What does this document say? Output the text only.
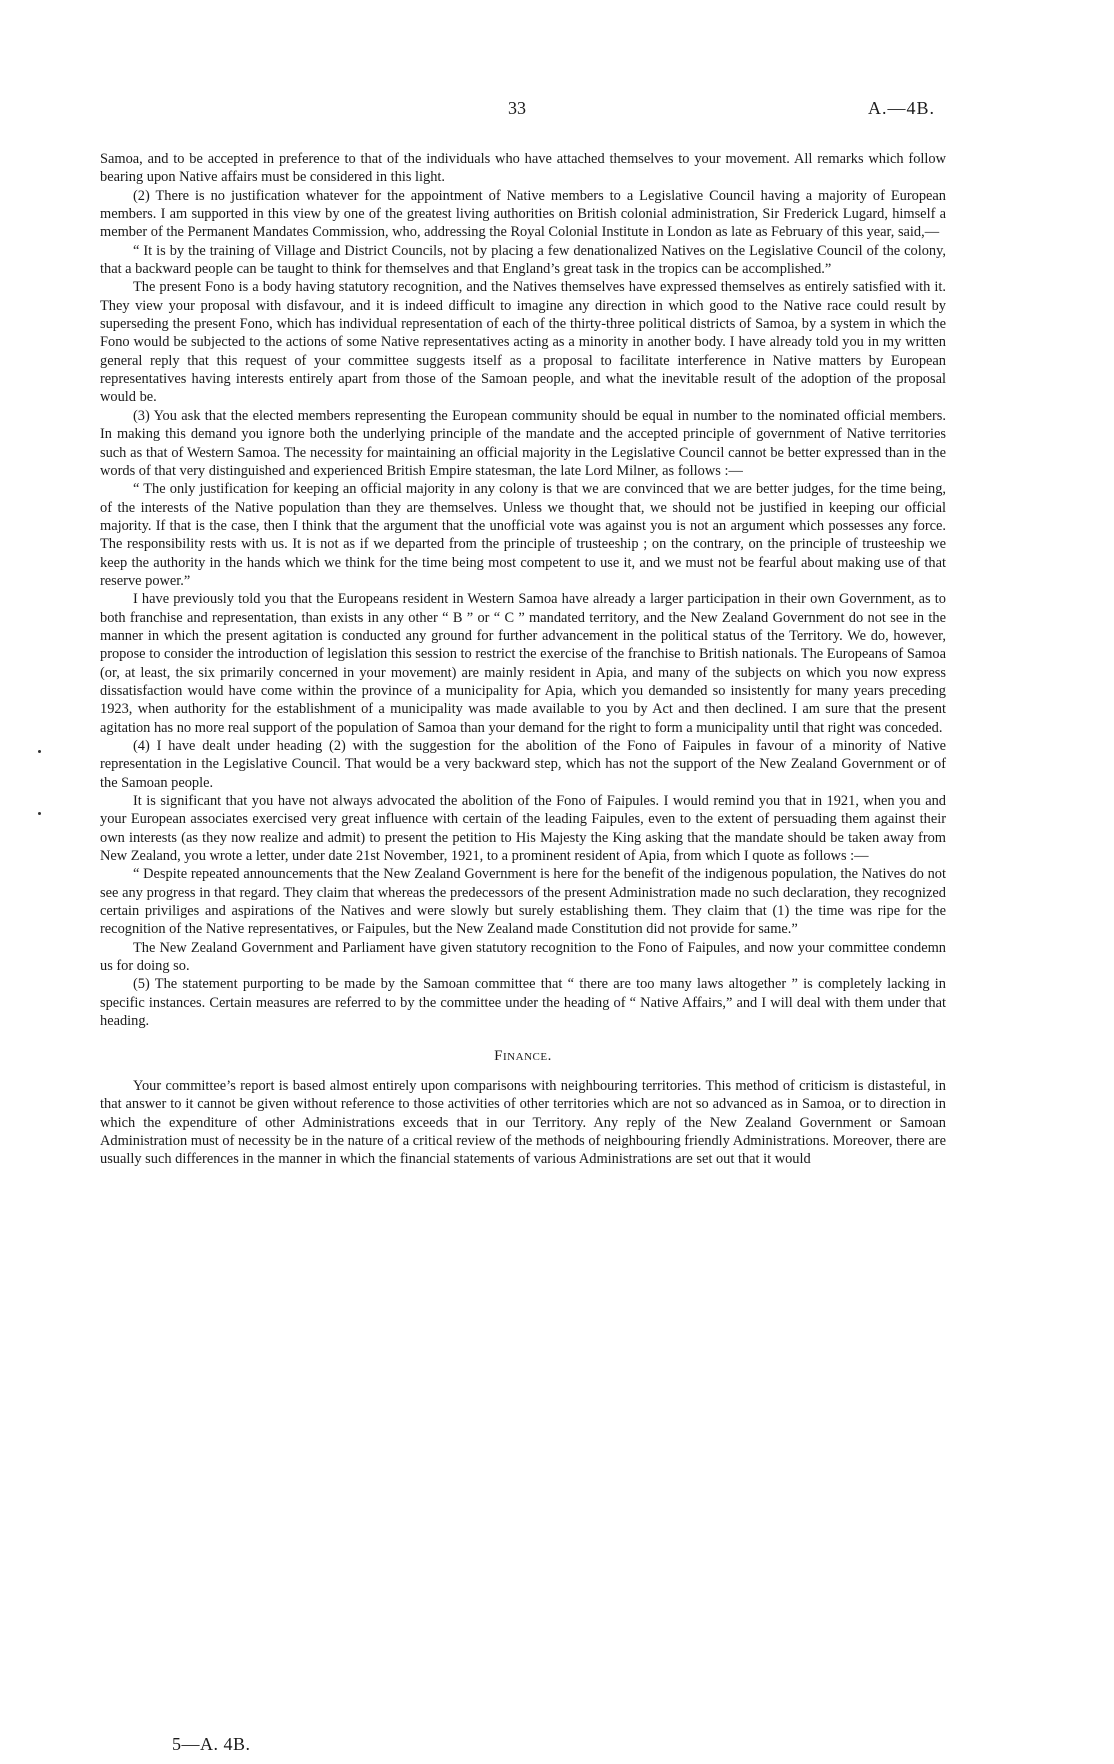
33	A.—4B.

Samoa, and to be accepted in preference to that of the individuals who have attached themselves to your movement. All remarks which follow bearing upon Native affairs must be considered in this light.

(2) There is no justification whatever for the appointment of Native members to a Legislative Council having a majority of European members. I am supported in this view by one of the greatest living authorities on British colonial administration, Sir Frederick Lugard, himself a member of the Permanent Mandates Commission, who, addressing the Royal Colonial Institute in London as late as February of this year, said,—

“ It is by the training of Village and District Councils, not by placing a few denationalized Natives on the Legislative Council of the colony, that a backward people can be taught to think for themselves and that England’s great task in the tropics can be accomplished.”

The present Fono is a body having statutory recognition, and the Natives themselves have expressed themselves as entirely satisfied with it. They view your proposal with disfavour, and it is indeed difficult to imagine any direction in which good to the Native race could result by superseding the present Fono, which has individual representation of each of the thirty-three political districts of Samoa, by a system in which the Fono would be subjected to the actions of some Native representatives acting as a minority in another body. I have already told you in my written general reply that this request of your committee suggests itself as a proposal to facilitate interference in Native matters by European representatives having interests entirely apart from those of the Samoan people, and what the inevitable result of the adoption of the proposal would be.

(3) You ask that the elected members representing the European community should be equal in number to the nominated official members. In making this demand you ignore both the underlying principle of the mandate and the accepted principle of government of Native territories such as that of Western Samoa. The necessity for maintaining an official majority in the Legislative Council cannot be better expressed than in the words of that very distinguished and experienced British Empire statesman, the late Lord Milner, as follows :—

“ The only justification for keeping an official majority in any colony is that we are convinced that we are better judges, for the time being, of the interests of the Native population than they are themselves. Unless we thought that, we should not be justified in keeping our official majority. If that is the case, then I think that the argument that the unofficial vote was against you is not an argument which possesses any force. The responsibility rests with us. It is not as if we departed from the principle of trusteeship ; on the contrary, on the principle of trusteeship we keep the authority in the hands which we think for the time being most competent to use it, and we must not be fearful about making use of that reserve power.”

I have previously told you that the Europeans resident in Western Samoa have already a larger participation in their own Government, as to both franchise and representation, than exists in any other “ B ” or “ C ” mandated territory, and the New Zealand Government do not see in the manner in which the present agitation is conducted any ground for further advancement in the political status of the Territory. We do, however, propose to consider the introduction of legislation this session to restrict the exercise of the franchise to British nationals. The Europeans of Samoa (or, at least, the six primarily concerned in your movement) are mainly resident in Apia, and many of the subjects on which you now express dissatisfaction would have come within the province of a municipality for Apia, which you demanded so insistently for many years preceding 1923, when authority for the establishment of a municipality was made available to you by Act and then declined. I am sure that the present agitation has no more real support of the population of Samoa than your demand for the right to form a municipality until that right was conceded.

(4) I have dealt under heading (2) with the suggestion for the abolition of the Fono of Faipules in favour of a minority of Native representation in the Legislative Council. That would be a very backward step, which has not the support of the New Zealand Government or of the Samoan people.

It is significant that you have not always advocated the abolition of the Fono of Faipules. I would remind you that in 1921, when you and your European associates exercised very great influence with certain of the leading Faipules, even to the extent of persuading them against their own interests (as they now realize and admit) to present the petition to His Majesty the King asking that the mandate should be taken away from New Zealand, you wrote a letter, under date 21st November, 1921, to a prominent resident of Apia, from which I quote as follows :—

“ Despite repeated announcements that the New Zealand Government is here for the benefit of the indigenous population, the Natives do not see any progress in that regard. They claim that whereas the predecessors of the present Administration made no such declaration, they recognized certain priviliges and aspirations of the Natives and were slowly but surely establishing them. They claim that (1) the time was ripe for the recognition of the Native representatives, or Faipules, but the New Zealand made Constitution did not provide for same.”

The New Zealand Government and Parliament have given statutory recognition to the Fono of Faipules, and now your committee condemn us for doing so.

(5) The statement purporting to be made by the Samoan committee that “ there are too many laws altogether ” is completely lacking in specific instances. Certain measures are referred to by the committee under the heading of “ Native Affairs,” and I will deal with them under that heading.

Finance.

Your committee’s report is based almost entirely upon comparisons with neighbouring territories. This method of criticism is distasteful, in that answer to it cannot be given without reference to those activities of other territories which are not so advanced as in Samoa, or to direction in which the expenditure of other Administrations exceeds that in our Territory. Any reply of the New Zealand Government or Samoan Administration must of necessity be in the nature of a critical review of the methods of neighbouring friendly Administrations. Moreover, there are usually such differences in the manner in which the financial statements of various Administrations are set out that it would

5—A. 4B.
